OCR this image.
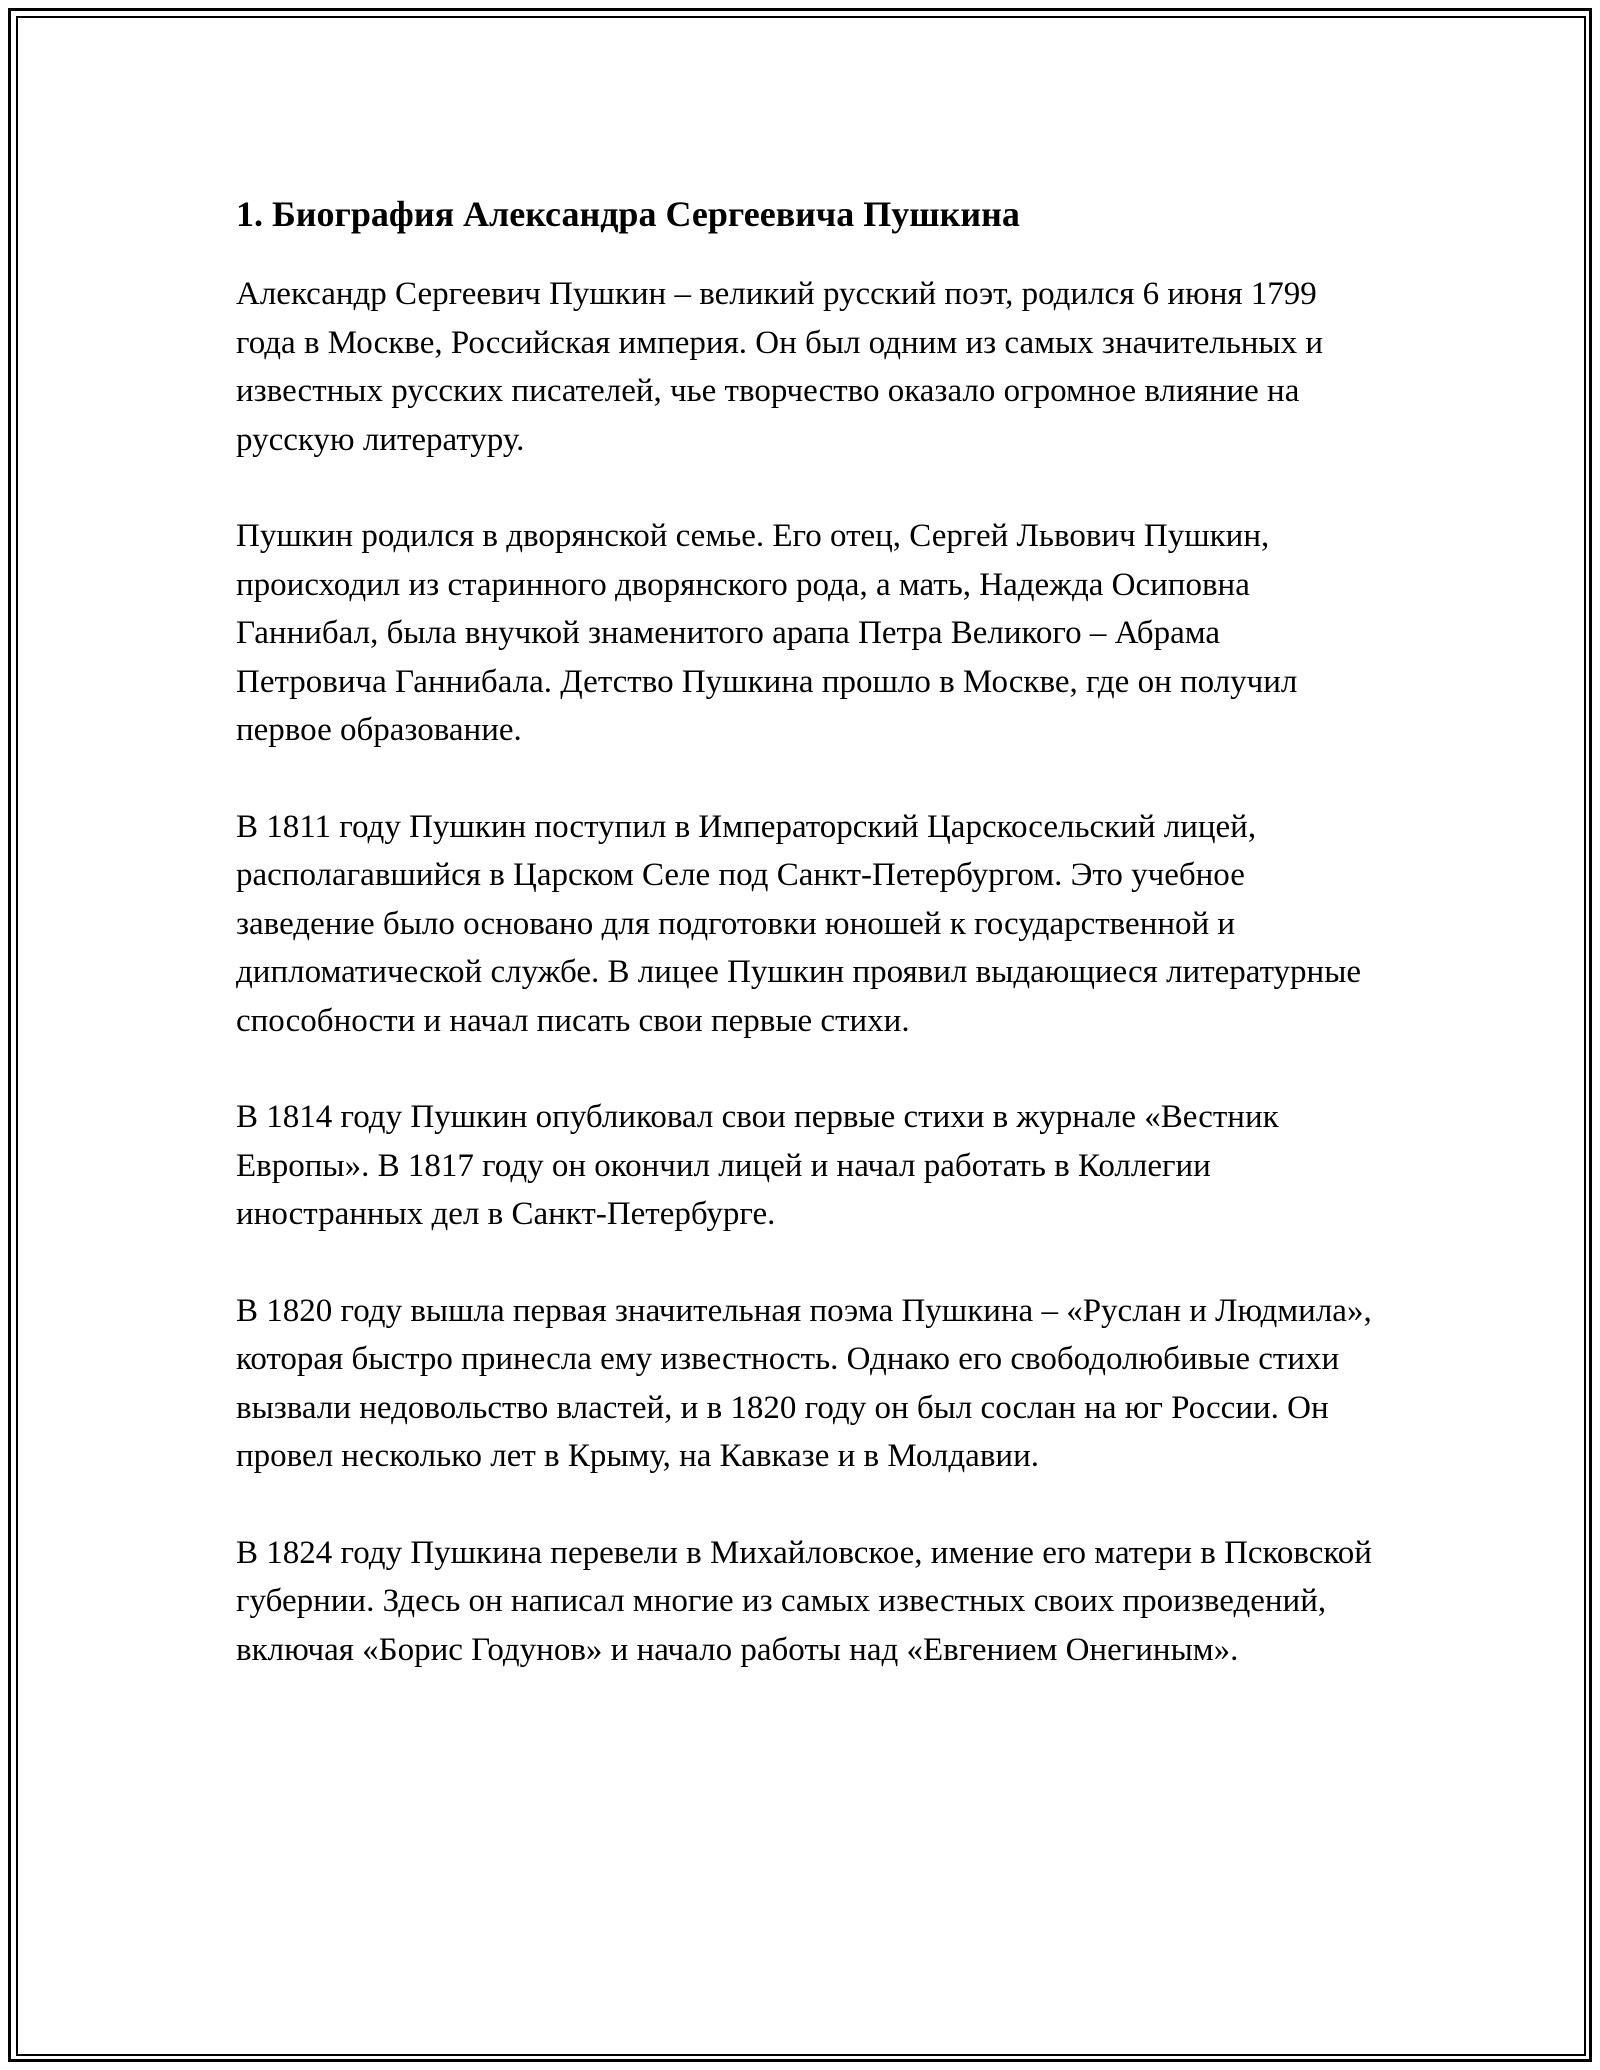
1. Биография Александра Сергеевича Пушкина

Александр Сергеевич Пушкин – великий русский поэт, родился 6 июня 1799 года в Москве, Российская империя. Он был одним из самых значительных и известных русских писателей, чье творчество оказало огромное влияние на русскую литературу.

Пушкин родился в дворянской семье. Его отец, Сергей Львович Пушкин, происходил из старинного дворянского рода, а мать, Надежда Осиповна Ганнибал, была внучкой знаменитого арапа Петра Великого – Абрама Петровича Ганнибала. Детство Пушкина прошло в Москве, где он получил первое образование.

В 1811 году Пушкин поступил в Императорский Царскосельский лицей, располагавшийся в Царском Селе под Санкт-Петербургом. Это учебное заведение было основано для подготовки юношей к государственной и дипломатической службе. В лицее Пушкин проявил выдающиеся литературные способности и начал писать свои первые стихи.

В 1814 году Пушкин опубликовал свои первые стихи в журнале «Вестник Европы». В 1817 году он окончил лицей и начал работать в Коллегии иностранных дел в Санкт-Петербурге.

В 1820 году вышла первая значительная поэма Пушкина – «Руслан и Людмила», которая быстро принесла ему известность. Однако его свободолюбивые стихи вызвали недовольство властей, и в 1820 году он был сослан на юг России. Он провел несколько лет в Крыму, на Кавказе и в Молдавии.

В 1824 году Пушкина перевели в Михайловское, имение его матери в Псковской губернии. Здесь он написал многие из самых известных своих произведений, включая «Борис Годунов» и начало работы над «Евгением Онегиным».
